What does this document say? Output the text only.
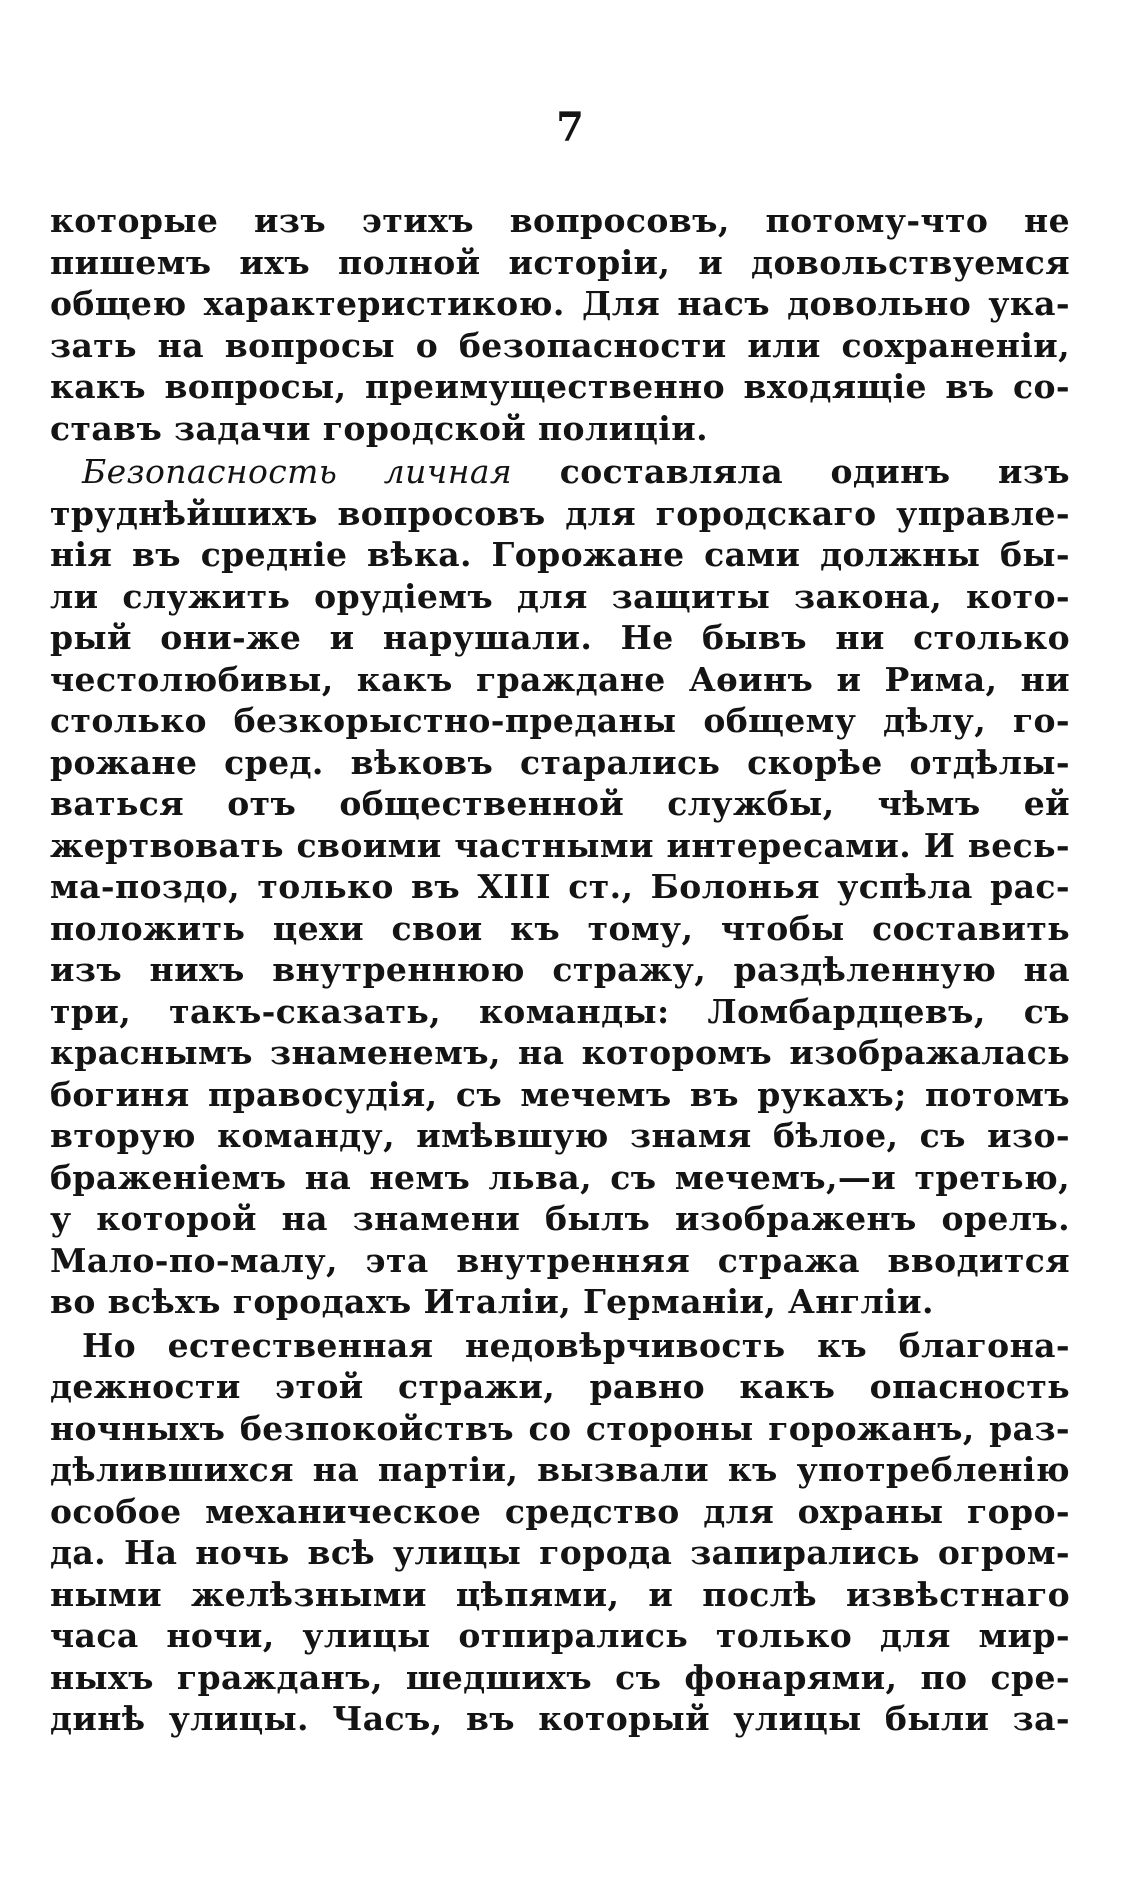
7
которые изъ этихъ вопросовъ, потому-что не
пишемъ ихъ полной исторіи, и довольствуемся
общею характеристикою. Для насъ довольно ука-
зать на вопросы о безопасности или сохраненіи,
какъ вопросы, преимущественно входящіе въ со-
ставъ задачи городской полиціи.
Безопасность личная составляла одинъ изъ
труднѣйшихъ вопросовъ для городскаго управле-
нія въ средніе вѣка. Горожане сами должны бы-
ли служить орудіемъ для защиты закона, кото-
рый они-же и нарушали. Не бывъ ни столько
честолюбивы, какъ граждане Аѳинъ и Рима, ни
столько безкорыстно-преданы общему дѣлу, го-
рожане сред. вѣковъ старались скорѣе отдѣлы-
ваться отъ общественной службы, чѣмъ ей
жертвовать своими частными интересами. И весь-
ма-поздо, только въ XIII ст., Болонья успѣла рас-
положить цехи свои къ тому, чтобы составить
изъ нихъ внутреннюю стражу, раздѣленную на
три, такъ-сказать, команды: Ломбардцевъ, съ
краснымъ знаменемъ, на которомъ изображалась
богиня правосудія, съ мечемъ въ рукахъ; потомъ
вторую команду, имѣвшую знамя бѣлое, съ изо-
браженіемъ на немъ льва, съ мечемъ,—и третью,
у которой на знамени былъ изображенъ орелъ.
Мало-по-малу, эта внутренняя стража вводится
во всѣхъ городахъ Италіи, Германіи, Англіи.
Но естественная недовѣрчивость къ благона-
дежности этой стражи, равно какъ опасность
ночныхъ безпокойствъ со стороны горожанъ, раз-
дѣлившихся на партіи, вызвали къ употребленію
особое механическое средство для охраны горо-
да. На ночь всѣ улицы города запирались огром-
ными желѣзными цѣпями, и послѣ извѣстнаго
часа ночи, улицы отпирались только для мир-
ныхъ гражданъ, шедшихъ съ фонарями, по сре-
динѣ улицы. Часъ, въ который улицы были за-
